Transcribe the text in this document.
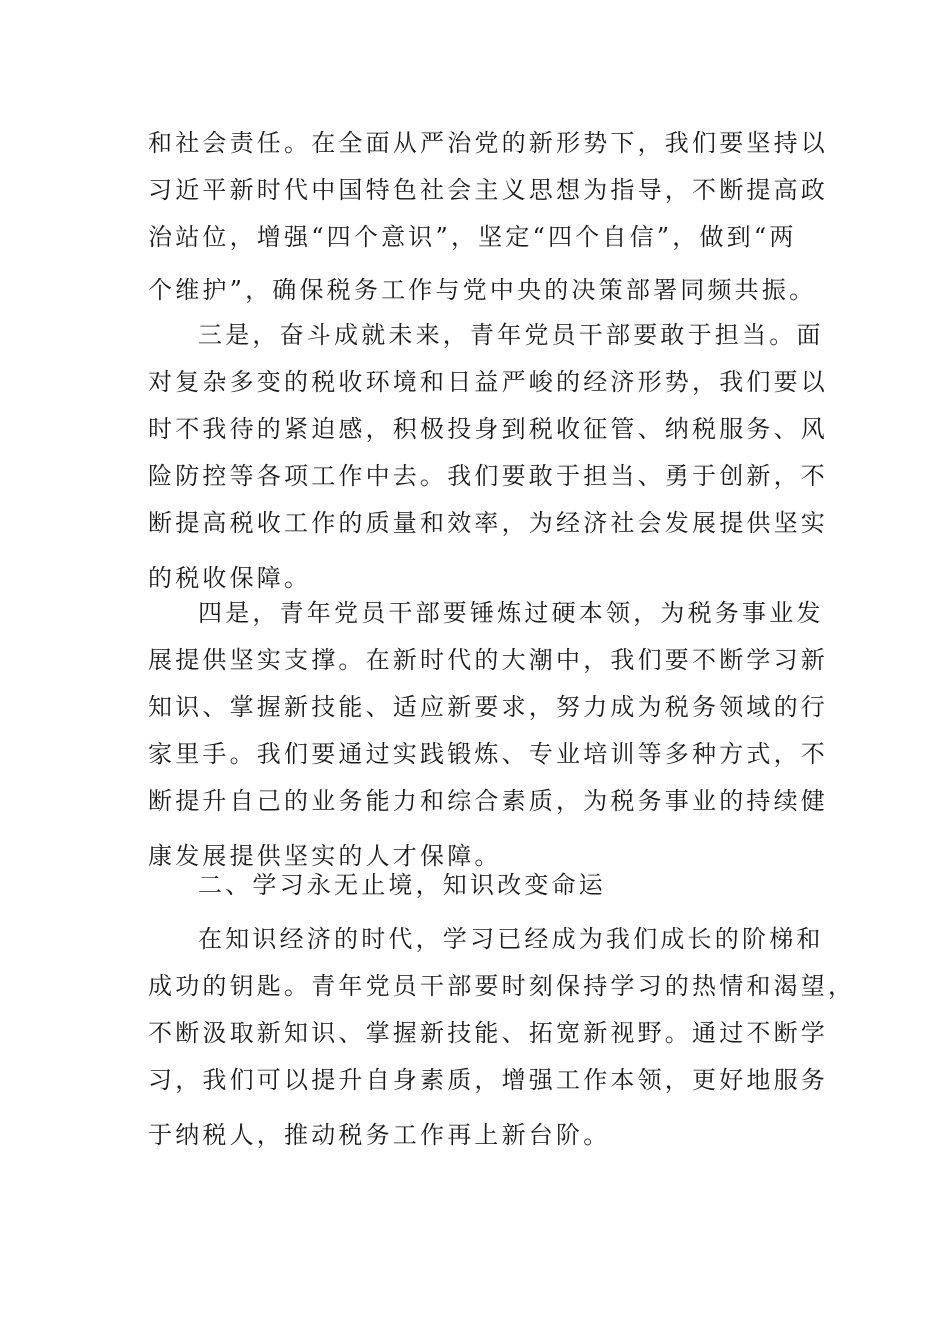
和社会责任。在全面从严治党的新形势下，我们要坚持以
习近平新时代中国特色社会主义思想为指导，不断提高政
治站位，增强“四个意识”，坚定“四个自信”，做到“两
个维护”，确保税务工作与党中央的决策部署同频共振。
三是，奋斗成就未来，青年党员干部要敢于担当。面
对复杂多变的税收环境和日益严峻的经济形势，我们要以
时不我待的紧迫感，积极投身到税收征管、纳税服务、风
险防控等各项工作中去。我们要敢于担当、勇于创新，不
断提高税收工作的质量和效率，为经济社会发展提供坚实
的税收保障。
四是，青年党员干部要锤炼过硬本领，为税务事业发
展提供坚实支撑。在新时代的大潮中，我们要不断学习新
知识、掌握新技能、适应新要求，努力成为税务领域的行
家里手。我们要通过实践锻炼、专业培训等多种方式，不
断提升自己的业务能力和综合素质，为税务事业的持续健
康发展提供坚实的人才保障。
二、学习永无止境，知识改变命运
在知识经济的时代，学习已经成为我们成长的阶梯和
成功的钥匙。青年党员干部要时刻保持学习的热情和渴望，
不断汲取新知识、掌握新技能、拓宽新视野。通过不断学
习，我们可以提升自身素质，增强工作本领，更好地服务
于纳税人，推动税务工作再上新台阶。
